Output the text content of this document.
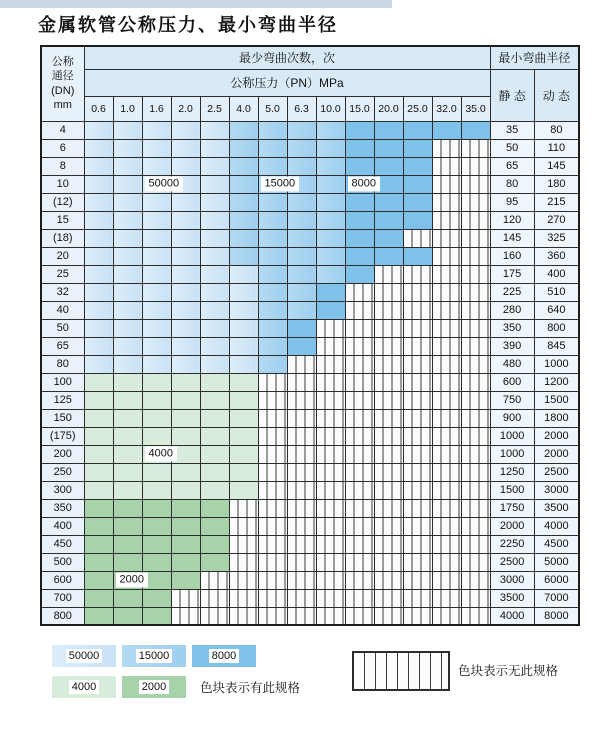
金属软管公称压力、最小弯曲半径
公称
通径
(DN)
mm	最少弯曲次数，次														最小弯曲半径	
	公称压力（PN）MPa														静 态	动 态
	0.6	1.0	1.6	2.0	2.5	4.0	5.0	6.3	10.0	15.0	20.0	25.0	32.0	35.0		
4															35	80
6															50	110
8															65	145
10			50000				15000			8000					80	180
(12)															95	215
15															120	270
(18)															145	325
20															160	360
25															175	400
32															225	510
40															280	640
50															350	800
65															390	845
80															480	1000
100															600	1200
125															750	1500
150															900	1800
(175)															1000	2000
200			4000												1000	2000
250															1250	2500
300															1500	3000
350															1750	3500
400															2000	4000
450															2250	4500
500															2500	5000
600		2000													3000	6000
700															3500	7000
800															4000	8000
50000	15000	8000
4000	2000	色块表示有此规格
色块表示无此规格
